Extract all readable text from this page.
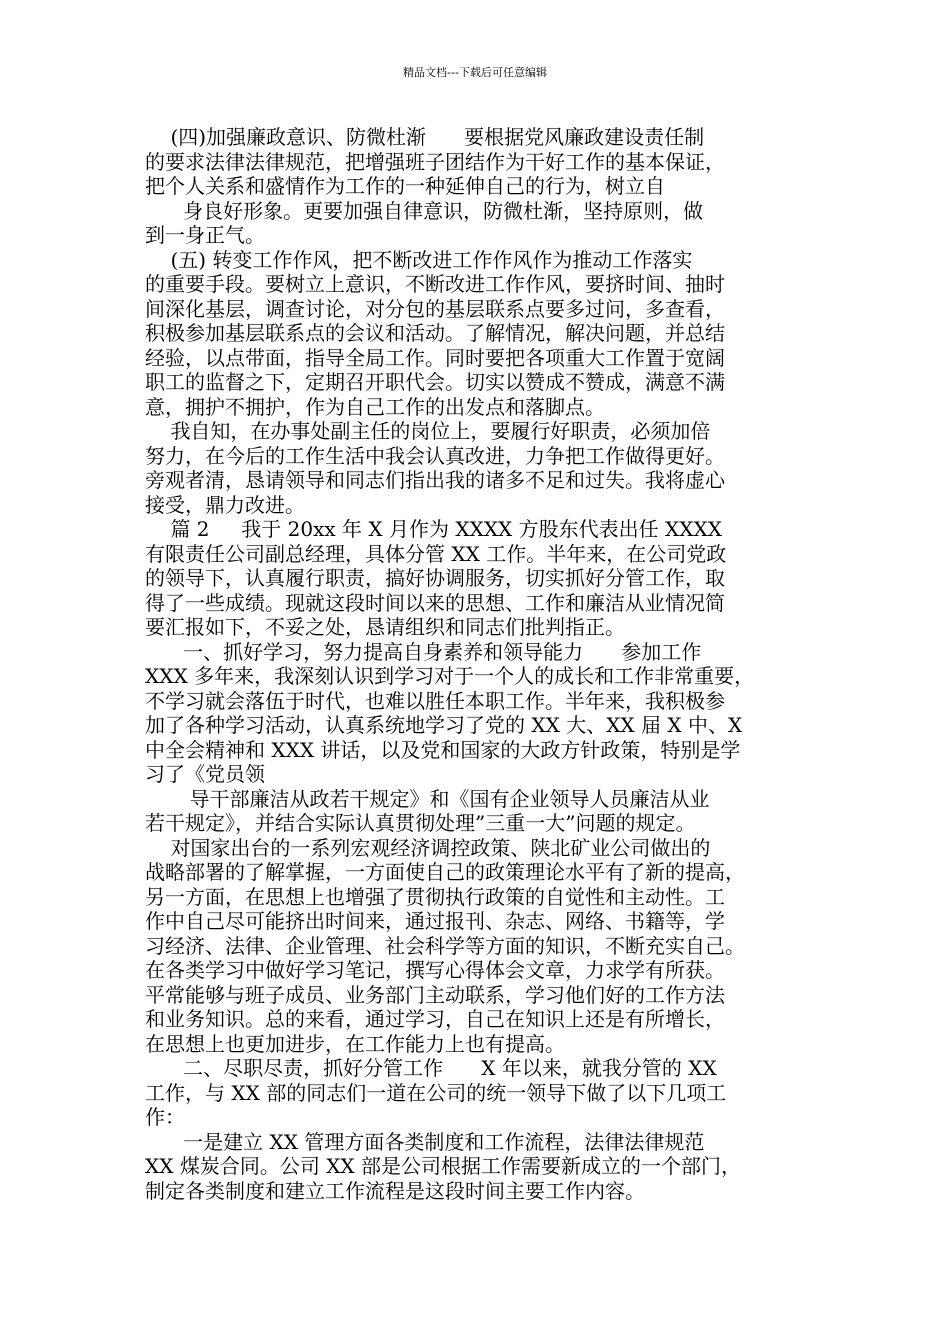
精品文档---下载后可任意编辑

(四)加强廉政意识、防微杜渐      要根据党风廉政建设责任制

的要求法律法律规范，把增强班子团结作为干好工作的基本保证，

把个人关系和盛情作为工作的一种延伸自己的行为，树立自

身良好形象。更要加强自律意识，防微杜渐，坚持原则，做

到一身正气。

(五) 转变工作作风，把不断改进工作作风作为推动工作落实

的重要手段。要树立上意识，不断改进工作作风，要挤时间、抽时

间深化基层，调查讨论，对分包的基层联系点要多过问，多查看，

积极参加基层联系点的会议和活动。了解情况，解决问题，并总结

经验，以点带面，指导全局工作。同时要把各项重大工作置于宽阔

职工的监督之下，定期召开职代会。切实以赞成不赞成，满意不满

意，拥护不拥护，作为自己工作的出发点和落脚点。

我自知，在办事处副主任的岗位上，要履行好职责，必须加倍

努力，在今后的工作生活中我会认真改进，力争把工作做得更好。

旁观者清，恳请领导和同志们指出我的诸多不足和过失。我将虚心

接受，鼎力改进。

篇 2     我于 20xx 年 X 月作为 XXXX 方股东代表出任 XXXX

有限责任公司副总经理，具体分管 XX 工作。半年来，在公司党政

的领导下，认真履行职责，搞好协调服务，切实抓好分管工作，取

得了一些成绩。现就这段时间以来的思想、工作和廉洁从业情况简

要汇报如下，不妥之处，恳请组织和同志们批判指正。

一、抓好学习，努力提高自身素养和领导能力      参加工作

XXX 多年来，我深刻认识到学习对于一个人的成长和工作非常重要，

不学习就会落伍于时代，也难以胜任本职工作。半年来，我积极参

加了各种学习活动，认真系统地学习了党的 XX 大、XX 届 X 中、X

中全会精神和 XXX 讲话，以及党和国家的大政方针政策，特别是学

习了《党员领

导干部廉洁从政若干规定》和《国有企业领导人员廉洁从业

若干规定》，并结合实际认真贯彻处理”三重一大”问题的规定。

对国家出台的一系列宏观经济调控政策、陕北矿业公司做出的

战略部署的了解掌握，一方面使自己的政策理论水平有了新的提高，

另一方面，在思想上也增强了贯彻执行政策的自觉性和主动性。工

作中自己尽可能挤出时间来，通过报刊、杂志、网络、书籍等，学

习经济、法律、企业管理、社会科学等方面的知识，不断充实自己。

在各类学习中做好学习笔记，撰写心得体会文章，力求学有所获。

平常能够与班子成员、业务部门主动联系，学习他们好的工作方法

和业务知识。总的来看，通过学习，自己在知识上还是有所增长，

在思想上也更加进步，在工作能力上也有提高。

二、尽职尽责，抓好分管工作      X 年以来，就我分管的 XX

工作，与 XX 部的同志们一道在公司的统一领导下做了以下几项工

作：

一是建立 XX 管理方面各类制度和工作流程，法律法律规范

XX 煤炭合同。公司 XX 部是公司根据工作需要新成立的一个部门，

制定各类制度和建立工作流程是这段时间主要工作内容。
